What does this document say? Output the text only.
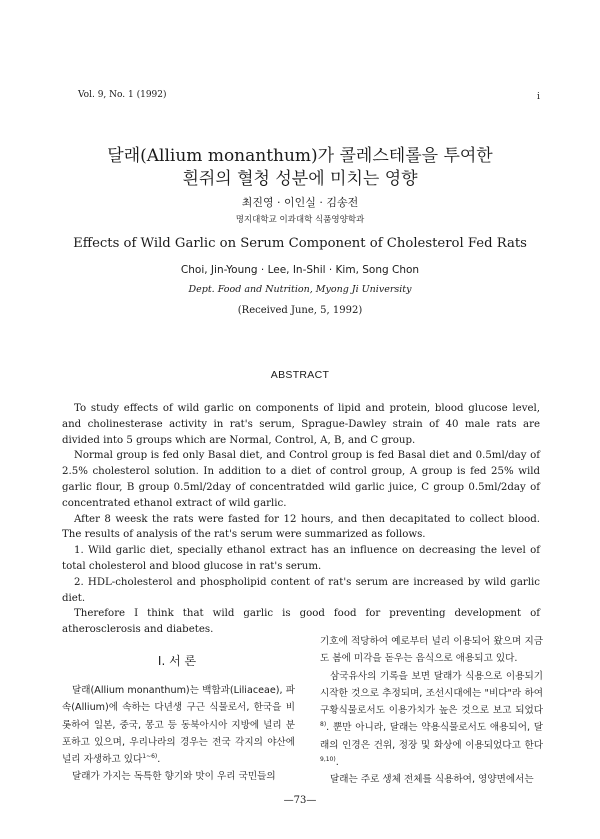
Vol. 9, No. 1 (1992)	i
달래(Allium monanthum)가 콜레스테롤을 투여한
흰쥐의 혈청 성분에 미치는 영향
최진영 · 이인실 · 김송전
명지대학교 이과대학 식품영양학과
Effects of Wild Garlic on Serum Component of Cholesterol Fed Rats
Choi, Jin-Young · Lee, In-Shil · Kim, Song Chon
Dept. Food and Nutrition, Myong Ji University
(Received June, 5, 1992)
ABSTRACT

To study effects of wild garlic on components of lipid and protein, blood glucose level, and cholinesterase activity in rat's serum, Sprague-Dawley strain of 40 male rats are divided into 5 groups which are Normal, Control, A, B, and C group.

Normal group is fed only Basal diet, and Control group is fed Basal diet and 0.5ml/day of 2.5% cholesterol solution. In addition to a diet of control group, A group is fed 25% wild garlic flour, B group 0.5ml/2day of concentratded wild garlic juice, C group 0.5ml/2day of concentrated ethanol extract of wild garlic.

After 8 weesk the rats were fasted for 12 hours, and then decapitated to collect blood. The results of analysis of the rat's serum were summarized as follows.

1. Wild garlic diet, specially ethanol extract has an influence on decreasing the level of total cholesterol and blood glucose in rat's serum.

2. HDL-cholesterol and phospholipid content of rat's serum are increased by wild garlic diet.

Therefore I think that wild garlic is good food for preventing development of atherosclerosis and diabetes.

Ⅰ. 서 론

달래(Allium monanthum)는 백합과(Liliaceae), 파속(Allium)에 속하는 다년생 구근 식물로서, 한국을 비롯하여 일본, 중국, 몽고 등 동북아시아 지방에 널리 분포하고 있으며, 우리나라의 경우는 전국 각지의 야산에 널리 자생하고 있다$^{1\sim 6)}$.

달래가 가지는 독특한 향기와 맛이 우리 국민들의

기호에 적당하여 예로부터 널리 이용되어 왔으며 지금도 봄에 미각을 돋우는 음식으로 애용되고 있다.

삼국유사의 기록을 보면 달래가 식용으로 이용되기 시작한 것으로 추정되며, 조선시대에는 "비다"라 하여 구황식물로서도 이용가치가 높은 것으로 보고 되었다$^{8)}$. 뿐만 아니라, 달래는 약용식물로서도 애용되어, 달래의 인경은 건위, 정장 및 화상에 이용되었다고 한다$^{9,10)}$.

달래는 주로 생체 전체를 식용하여, 영양면에서는

—73—
